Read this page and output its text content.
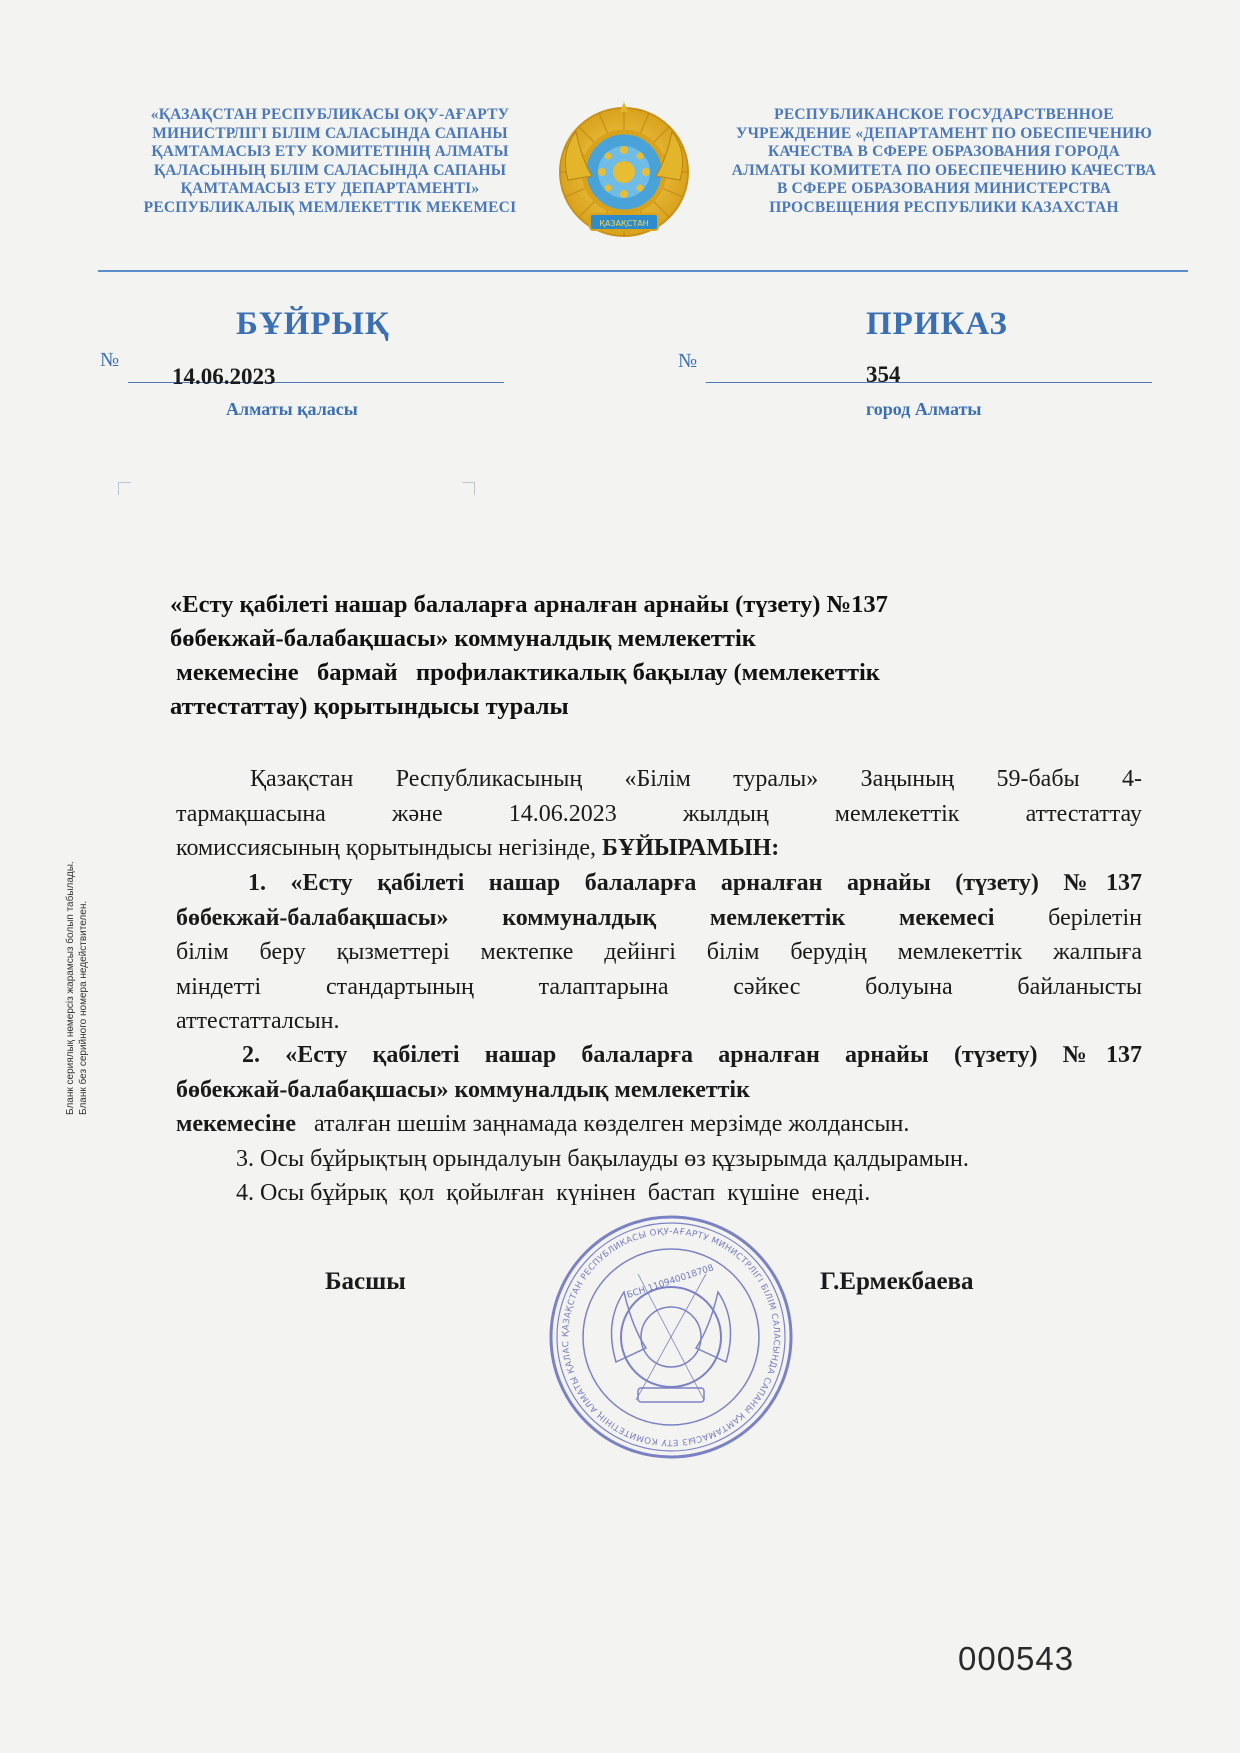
«ҚАЗАҚСТАН РЕСПУБЛИКАСЫ ОҚУ-АҒАРТУ
МИНИСТРЛІГІ БІЛІМ САЛАСЫНДА САПАНЫ
ҚАМТАМАСЫЗ ЕТУ КОМИТЕТІНІҢ АЛМАТЫ
ҚАЛАСЫНЫҢ БІЛІМ САЛАСЫНДА САПАНЫ
ҚАМТАМАСЫЗ ЕТУ ДЕПАРТАМЕНТІ»
РЕСПУБЛИКАЛЫҚ МЕМЛЕКЕТТІК МЕКЕМЕСІ
ҚАЗАҚСТАН
РЕСПУБЛИКАНСКОЕ ГОСУДАРСТВЕННОЕ
УЧРЕЖДЕНИЕ «ДЕПАРТАМЕНТ ПО ОБЕСПЕЧЕНИЮ
КАЧЕСТВА В СФЕРЕ ОБРАЗОВАНИЯ ГОРОДА
АЛМАТЫ КОМИТЕТА ПО ОБЕСПЕЧЕНИЮ КАЧЕСТВА
В СФЕРЕ ОБРАЗОВАНИЯ МИНИСТЕРСТВА
ПРОСВЕЩЕНИЯ РЕСПУБЛИКИ КАЗАХСТАН
БҰЙРЫҚ	ПРИКАЗ
№
14.06.2023
№
354
Алматы қаласы	город Алматы
«Есту қабілеті нашар балаларға арналған арнайы (түзету) №137
бөбекжай-балабақшасы» коммуналдық мемлекеттік
мекемесіне   бармай   профилактикалық бақылау (мемлекеттік
аттестаттау) қорытындысы туралы
Қазақстан Республикасының «Білім туралы» Заңының 59-бабы 4-
тармақшасына және 14.06.2023 жылдың мемлекеттік аттестаттау
комиссиясының қорытындысы негізінде, БҰЙЫРАМЫН:
1. «Есту қабілеті нашар балаларға арналған арнайы (түзету) №137
бөбекжай-балабақшасы» коммуналдық мемлекеттік мекемесі берілетін
білім беру қызметтері мектепке дейінгі білім берудің мемлекеттік жалпыға
міндетті стандартының талаптарына сәйкес болуына байланысты
аттестатталсын.
2. «Есту қабілеті нашар балаларға арналған арнайы (түзету) №137
бөбекжай-балабақшасы» коммуналдық мемлекеттік
мекемесіне   аталған шешім заңнамада көзделген мерзімде жолдансын.
3. Осы бұйрықтың орындалуын бақылауды өз құзырымда қалдырамын.
4. Осы бұйрық  қол  қойылған  күнінен  бастап  күшіне  енеді.
ҚАЗАҚСТАН РЕСПУБЛИКАСЫ ОҚУ-АҒАРТУ МИНИСТРЛІГІ БІЛІМ САЛАСЫНДА САПАНЫ ҚАМТАМАСЫЗ ЕТУ КОМИТЕТІНІҢ АЛМАТЫ ҚАЛАС
БСН 110940018708
Басшы	Г.Ермекбаева
Бланк сериялық нөмерсіз жарамсыз болып табылады. Бланк без серийного номера недействителен.
000543
